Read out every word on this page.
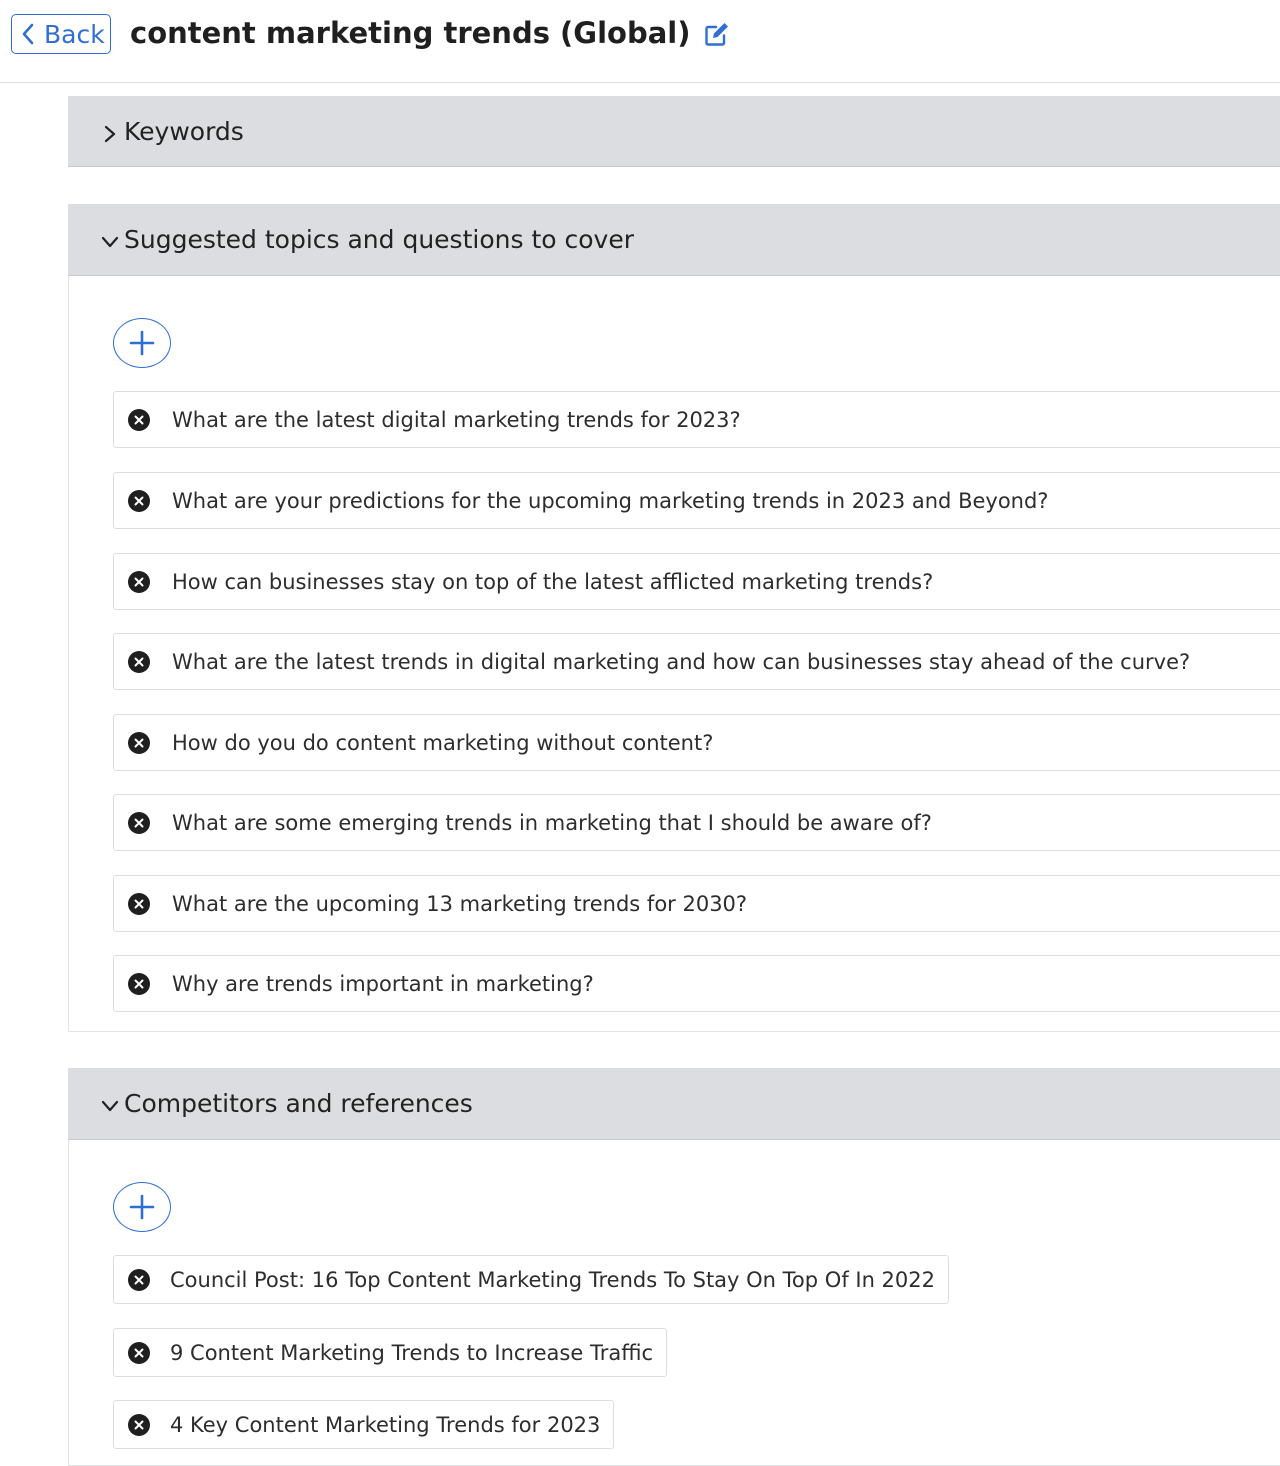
Back content marketing trends (Global)
Keywords
Suggested topics and questions to cover
What are the latest digital marketing trends for 2023?
What are your predictions for the upcoming marketing trends in 2023 and Beyond?
How can businesses stay on top of the latest afflicted marketing trends?
What are the latest trends in digital marketing and how can businesses stay ahead of the curve?
How do you do content marketing without content?
What are some emerging trends in marketing that I should be aware of?
What are the upcoming 13 marketing trends for 2030?
Why are trends important in marketing?
Competitors and references
Council Post: 16 Top Content Marketing Trends To Stay On Top Of In 2022
9 Content Marketing Trends to Increase Traffic
4 Key Content Marketing Trends for 2023
